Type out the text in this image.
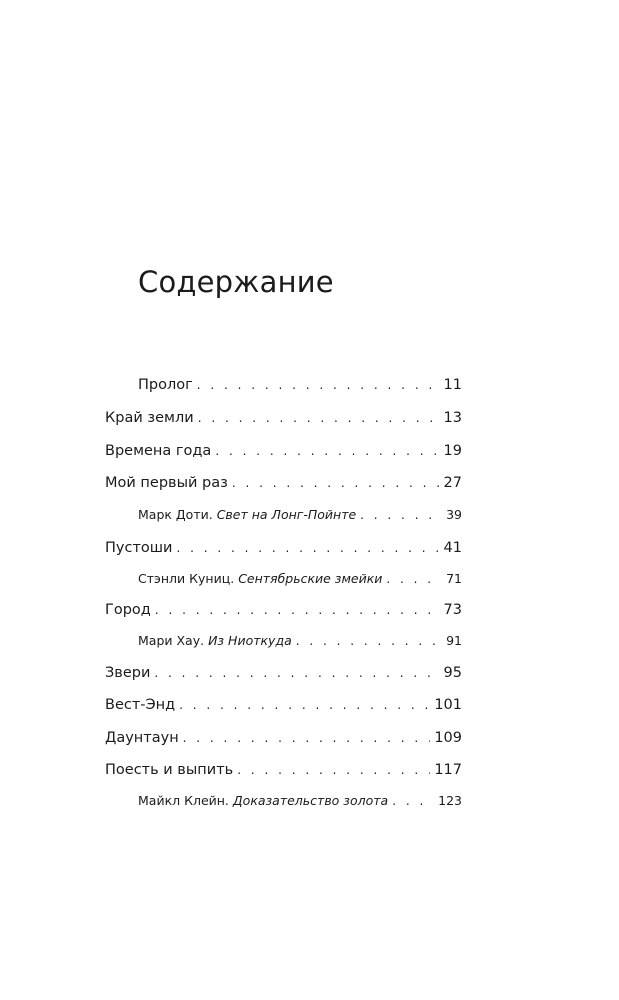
Содержание
Пролог . . .	11
Край земли . . .	13
Времена года . . .	19
Мой первый раз . . .	27
Марк Доти. Свет на Лонг-Пойнте . . .	39
Пустоши . . .	41
Стэнли Куниц. Сентябрьские змейки . . .	71
Город . . .	73
Мари Хау. Из Ниоткуда . . .	91
Звери . . .	95
Вест-Энд . . .	101
Даунтаун . . .	109
Поесть и выпить . . .	117
Майкл Клейн. Доказательство золота . . .	123
